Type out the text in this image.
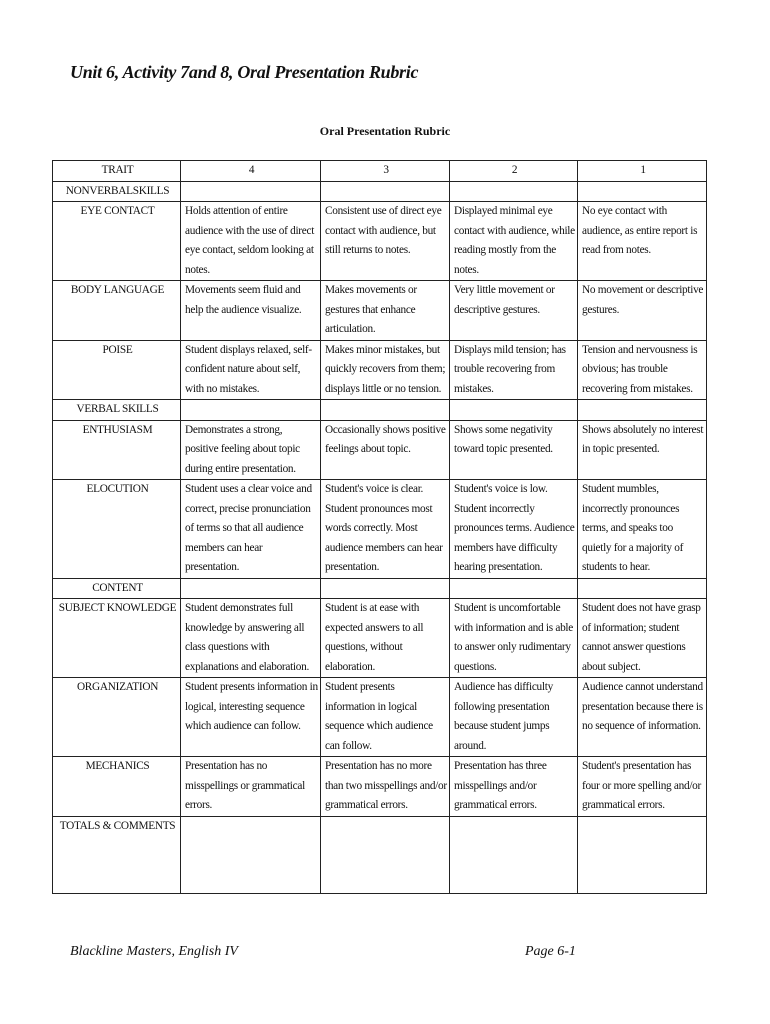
Unit 6, Activity 7and 8, Oral Presentation Rubric
Oral Presentation Rubric
TRAIT	4	3	2	1
NONVERBALSKILLS				
EYE CONTACT	Holds attention of entire audience with the use of direct eye contact, seldom looking at notes.	Consistent use of direct eye contact with audience, but still returns to notes.	Displayed minimal eye contact with audience, while reading mostly from the notes.	No eye contact with audience, as entire report is read from notes.
BODY LANGUAGE	Movements seem fluid and help the audience visualize.	Makes movements or gestures that enhance articulation.	Very little movement or descriptive gestures.	No movement or descriptive gestures.
POISE	Student displays relaxed, self-confident nature about self, with no mistakes.	Makes minor mistakes, but quickly recovers from them; displays little or no tension.	Displays mild tension; has trouble recovering from mistakes.	Tension and nervousness is obvious; has trouble recovering from mistakes.
VERBAL SKILLS				
ENTHUSIASM	Demonstrates a strong, positive feeling about topic during entire presentation.	Occasionally shows positive feelings about topic.	Shows some negativity toward topic presented.	Shows absolutely no interest in topic presented.
ELOCUTION	Student uses a clear voice and correct, precise pronunciation of terms so that all audience members can hear presentation.	Student's voice is clear. Student pronounces most words correctly. Most audience members can hear presentation.	Student's voice is low. Student incorrectly pronounces terms. Audience members have difficulty hearing presentation.	Student mumbles, incorrectly pronounces terms, and speaks too quietly for a majority of students to hear.
CONTENT				
SUBJECT KNOWLEDGE	Student demonstrates full knowledge by answering all class questions with explanations and elaboration.	Student is at ease with expected answers to all questions, without elaboration.	Student is uncomfortable with information and is able to answer only rudimentary questions.	Student does not have grasp of information; student cannot answer questions about subject.
ORGANIZATION	Student presents information in logical, interesting sequence which audience can follow.	Student presents information in logical sequence which audience can follow.	Audience has difficulty following presentation because student jumps around.	Audience cannot understand presentation because there is no sequence of information.
MECHANICS	Presentation has no misspellings or grammatical errors.	Presentation has no more than two misspellings and/or grammatical errors.	Presentation has three misspellings and/or grammatical errors.	Student's presentation has four or more spelling and/or grammatical errors.
TOTALS & COMMENTS				
Blackline Masters, English IV	Page 6-1
